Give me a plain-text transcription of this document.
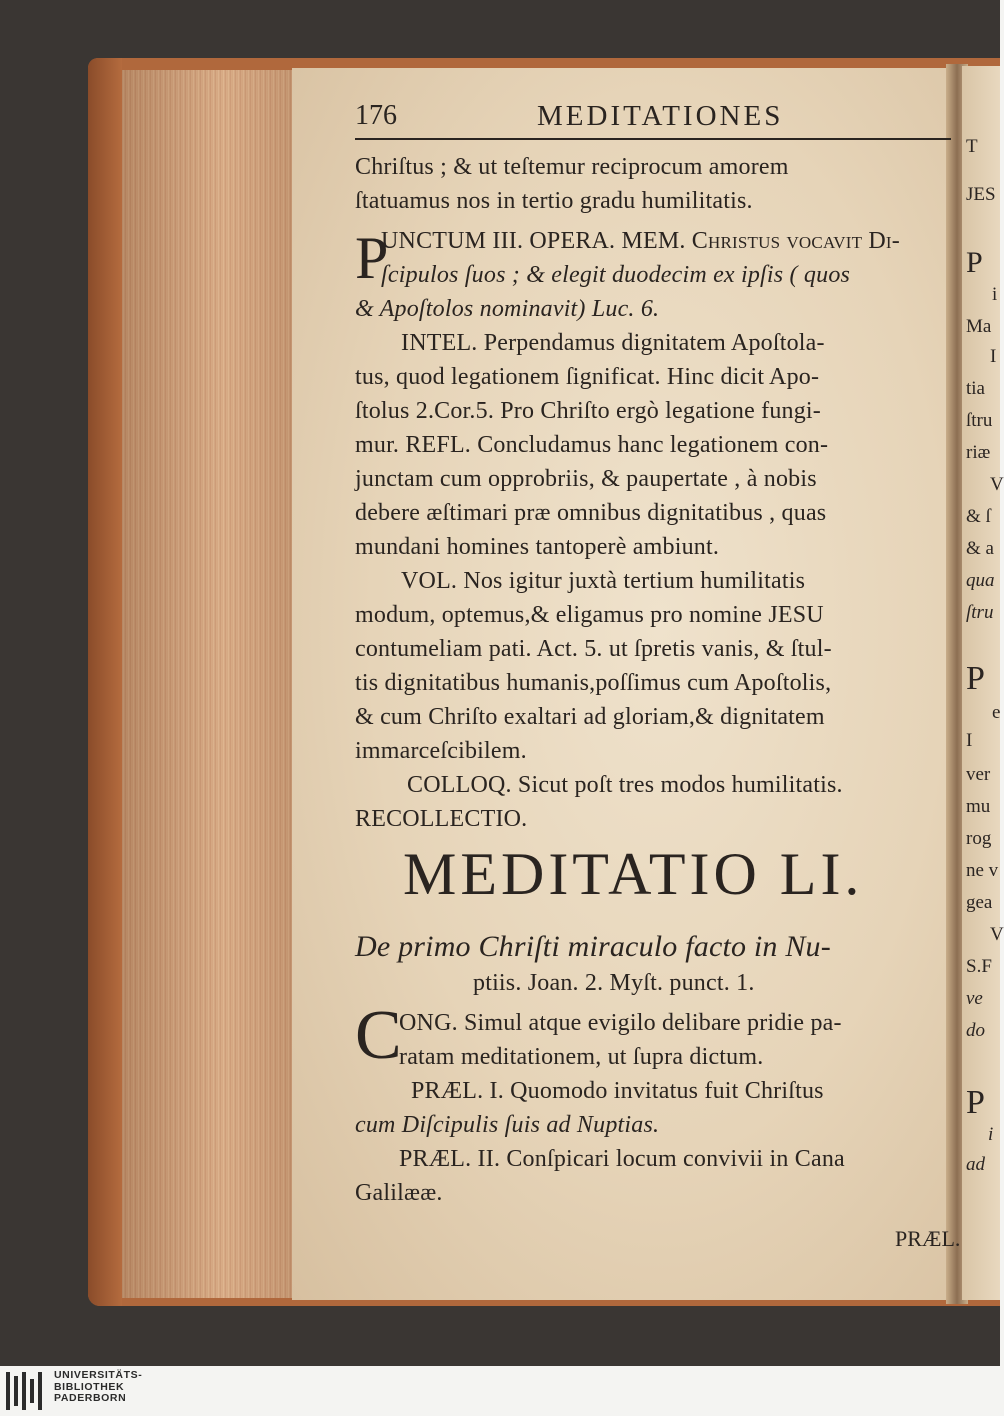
T
JES
P
i
Ma
I
tia
ſtru
riæ
V
& ſ
& a
qua
ſtru
P
e
I
ver
mu
rog
ne v
gea
V
S.F
ve
do
P
i
ad
176	MEDITATIONES
Chriſtus ; & ut teſtemur reciprocum amorem
ſtatuamus nos in tertio gradu humilitatis.
P
UNCTUM III. OPERA. MEM. Chriſtus vocavit Di-
ſcipulos ſuos ; & elegit duodecim ex ipſis ( quos
& Apoſtolos nominavit) Luc. 6.
INTEL. Perpendamus dignitatem Apoſtola-
tus, quod legationem ſignificat. Hinc dicit Apo-
ſtolus 2.Cor.5. Pro Chriſto ergò legatione fungi-
mur. REFL. Concludamus hanc legationem con-
junctam cum opprobriis, & paupertate , à nobis
debere æſtimari præ omnibus dignitatibus , quas
mundani homines tantoperè ambiunt.
VOL. Nos igitur juxtà tertium humilitatis
modum, optemus,& eligamus pro nomine JESU
contumeliam pati. Act. 5. ut ſpretis vanis, & ſtul-
tis dignitatibus humanis,poſſimus cum Apoſtolis,
& cum Chriſto exaltari ad gloriam,& dignitatem
immarceſcibilem.
COLLOQ. Sicut poſt tres modos humilitatis.
RECOLLECTIO.
MEDITATIO LI.
De primo Chriſti miraculo facto in Nu-
ptiis. Joan. 2. Myſt. punct. 1.
C
ONG. Simul atque evigilo delibare pridie pa-
ratam meditationem, ut ſupra dictum.
PRÆL. I. Quomodo invitatus fuit Chriſtus
cum Diſcipulis ſuis ad Nuptias.
PRÆL. II. Conſpicari locum convivii in Cana
Galilææ.
PRÆL.
UNIVERSITÄTS-
BIBLIOTHEK
PADERBORN
